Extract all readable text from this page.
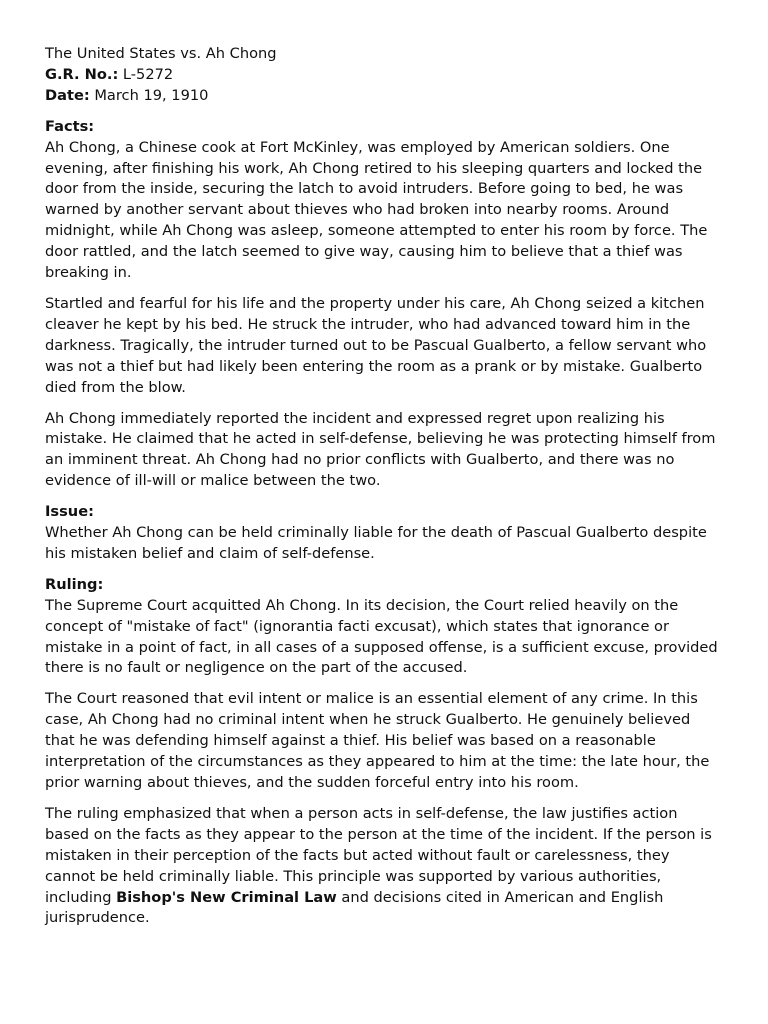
The United States vs. Ah Chong
G.R. No.: L-5272
Date: March 19, 1910
Facts:

Ah Chong, a Chinese cook at Fort McKinley, was employed by American soldiers. One evening, after finishing his work, Ah Chong retired to his sleeping quarters and locked the door from the inside, securing the latch to avoid intruders. Before going to bed, he was warned by another servant about thieves who had broken into nearby rooms. Around midnight, while Ah Chong was asleep, someone attempted to enter his room by force. The door rattled, and the latch seemed to give way, causing him to believe that a thief was breaking in.

Startled and fearful for his life and the property under his care, Ah Chong seized a kitchen cleaver he kept by his bed. He struck the intruder, who had advanced toward him in the darkness. Tragically, the intruder turned out to be Pascual Gualberto, a fellow servant who was not a thief but had likely been entering the room as a prank or by mistake. Gualberto died from the blow.

Ah Chong immediately reported the incident and expressed regret upon realizing his mistake. He claimed that he acted in self-defense, believing he was protecting himself from an imminent threat. Ah Chong had no prior conflicts with Gualberto, and there was no evidence of ill-will or malice between the two.

Issue:

Whether Ah Chong can be held criminally liable for the death of Pascual Gualberto despite his mistaken belief and claim of self-defense.

Ruling:

The Supreme Court acquitted Ah Chong. In its decision, the Court relied heavily on the concept of "mistake of fact" (ignorantia facti excusat), which states that ignorance or mistake in a point of fact, in all cases of a supposed offense, is a sufficient excuse, provided there is no fault or negligence on the part of the accused.

The Court reasoned that evil intent or malice is an essential element of any crime. In this case, Ah Chong had no criminal intent when he struck Gualberto. He genuinely believed that he was defending himself against a thief. His belief was based on a reasonable interpretation of the circumstances as they appeared to him at the time: the late hour, the prior warning about thieves, and the sudden forceful entry into his room.

The ruling emphasized that when a person acts in self-defense, the law justifies action based on the facts as they appear to the person at the time of the incident. If the person is mistaken in their perception of the facts but acted without fault or carelessness, they cannot be held criminally liable. This principle was supported by various authorities, including Bishop's New Criminal Law and decisions cited in American and English jurisprudence.
